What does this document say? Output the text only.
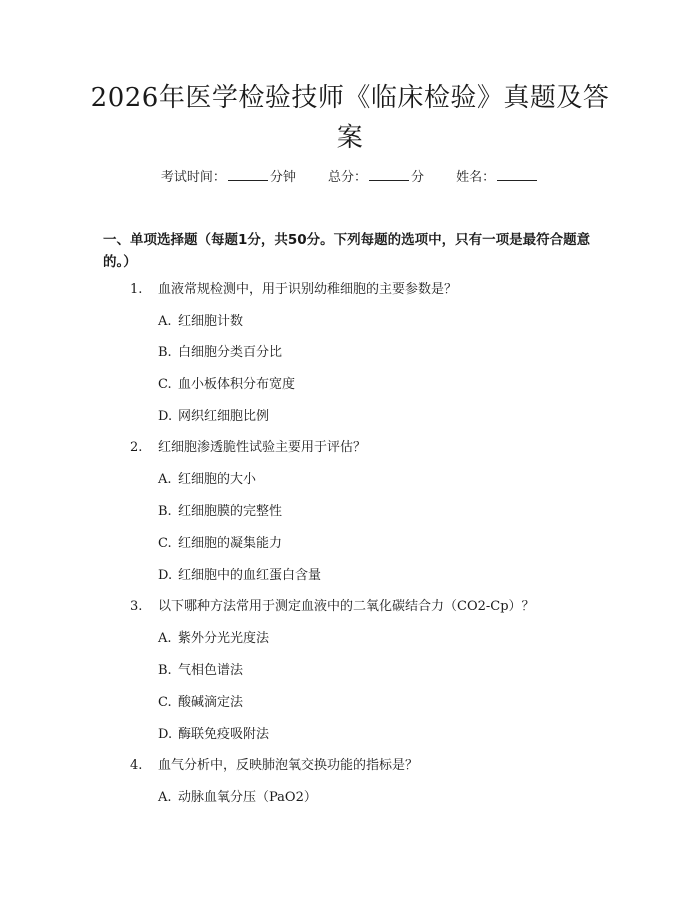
2026年医学检验技师《临床检验》真题及答案
考试时间：	分钟 总分：	分 姓名：
一、单项选择题（每题1分，共50分。下列每题的选项中，只有一项是最符合题意的。）
1. 血液常规检测中，用于识别幼稚细胞的主要参数是？
A. 红细胞计数
B. 白细胞分类百分比
C. 血小板体积分布宽度
D. 网织红细胞比例
2. 红细胞渗透脆性试验主要用于评估？
A. 红细胞的大小
B. 红细胞膜的完整性
C. 红细胞的凝集能力
D. 红细胞中的血红蛋白含量
3. 以下哪种方法常用于测定血液中的二氧化碳结合力（CO2-Cp）？
A. 紫外分光光度法
B. 气相色谱法
C. 酸碱滴定法
D. 酶联免疫吸附法
4. 血气分析中，反映肺泡氧交换功能的指标是？
A. 动脉血氧分压（PaO2）
